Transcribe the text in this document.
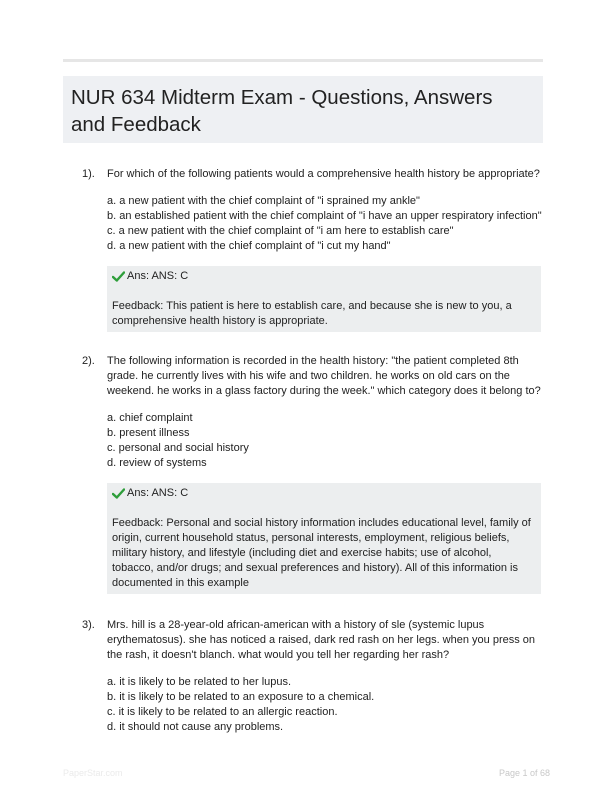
NUR 634 Midterm Exam - Questions, Answers and Feedback
1). For which of the following patients would a comprehensive health history be appropriate?

a. a new patient with the chief complaint of "i sprained my ankle"
b. an established patient with the chief complaint of "i have an upper respiratory infection"
c. a new patient with the chief complaint of "i am here to establish care"
d. a new patient with the chief complaint of "i cut my hand"
Ans: ANS: C

Feedback: This patient is here to establish care, and because she is new to you, a comprehensive health history is appropriate.

2). The following information is recorded in the health history: "the patient completed 8th grade. he currently lives with his wife and two children. he works on old cars on the weekend. he works in a glass factory during the week." which category does it belong to?

a. chief complaint
b. present illness
c. personal and social history
d. review of systems
Ans: ANS: C

Feedback: Personal and social history information includes educational level, family of origin, current household status, personal interests, employment, religious beliefs, military history, and lifestyle (including diet and exercise habits; use of alcohol, tobacco, and/or drugs; and sexual preferences and history). All of this information is documented in this example

3). Mrs. hill is a 28-year-old african-american with a history of sle (systemic lupus erythematosus). she has noticed a raised, dark red rash on her legs. when you press on the rash, it doesn't blanch. what would you tell her regarding her rash?

a. it is likely to be related to her lupus.
b. it is likely to be related to an exposure to a chemical.
c. it is likely to be related to an allergic reaction.
d. it should not cause any problems.
PaperStar.com	Page 1 of 68
